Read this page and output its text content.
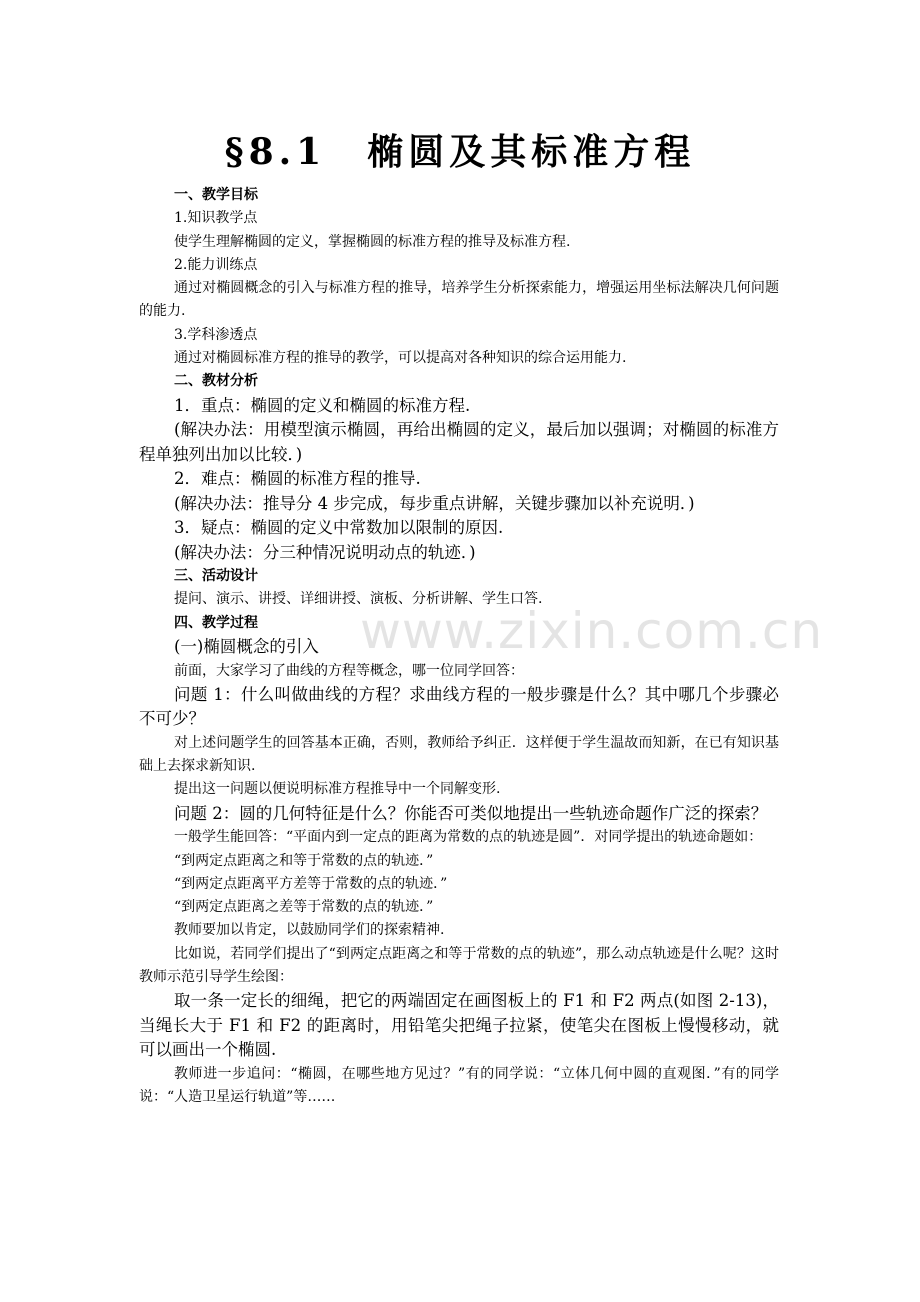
www.zixin.com.cn
§8.1　椭圆及其标准方程

一、教学目标

1.知识教学点

使学生理解椭圆的定义，掌握椭圆的标准方程的推导及标准方程.

2.能力训练点

通过对椭圆概念的引入与标准方程的推导，培养学生分析探索能力，增强运用坐标法解决几何问题的能力.

3.学科渗透点

通过对椭圆标准方程的推导的教学，可以提高对各种知识的综合运用能力.

二、教材分析

1．重点：椭圆的定义和椭圆的标准方程.

(解决办法：用模型演示椭圆，再给出椭圆的定义，最后加以强调；对椭圆的标准方程单独列出加以比较．)

2．难点：椭圆的标准方程的推导.

(解决办法：推导分 4 步完成，每步重点讲解，关键步骤加以补充说明．)

3．疑点：椭圆的定义中常数加以限制的原因.

(解决办法：分三种情况说明动点的轨迹．)

三、活动设计

提问、演示、讲授、详细讲授、演板、分析讲解、学生口答.

四、教学过程

(一)椭圆概念的引入

前面，大家学习了曲线的方程等概念，哪一位同学回答：

问题 1：什么叫做曲线的方程？求曲线方程的一般步骤是什么？其中哪几个步骤必不可少？

对上述问题学生的回答基本正确，否则，教师给予纠正．这样便于学生温故而知新，在已有知识基础上去探求新知识.

提出这一问题以便说明标准方程推导中一个同解变形.

问题 2：圆的几何特征是什么？你能否可类似地提出一些轨迹命题作广泛的探索？

一般学生能回答：“平面内到一定点的距离为常数的点的轨迹是圆”．对同学提出的轨迹命题如：

“到两定点距离之和等于常数的点的轨迹．”

“到两定点距离平方差等于常数的点的轨迹．”

“到两定点距离之差等于常数的点的轨迹．”

教师要加以肯定，以鼓励同学们的探索精神.

比如说，若同学们提出了“到两定点距离之和等于常数的点的轨迹”，那么动点轨迹是什么呢？这时教师示范引导学生绘图：

取一条一定长的细绳，把它的两端固定在画图板上的 F1 和 F2 两点(如图 2-13)，当绳长大于 F1 和 F2 的距离时，用铅笔尖把绳子拉紧，使笔尖在图板上慢慢移动，就可以画出一个椭圆.

教师进一步追问：“椭圆，在哪些地方见过？”有的同学说：“立体几何中圆的直观图．”有的同学说：“人造卫星运行轨道”等……
